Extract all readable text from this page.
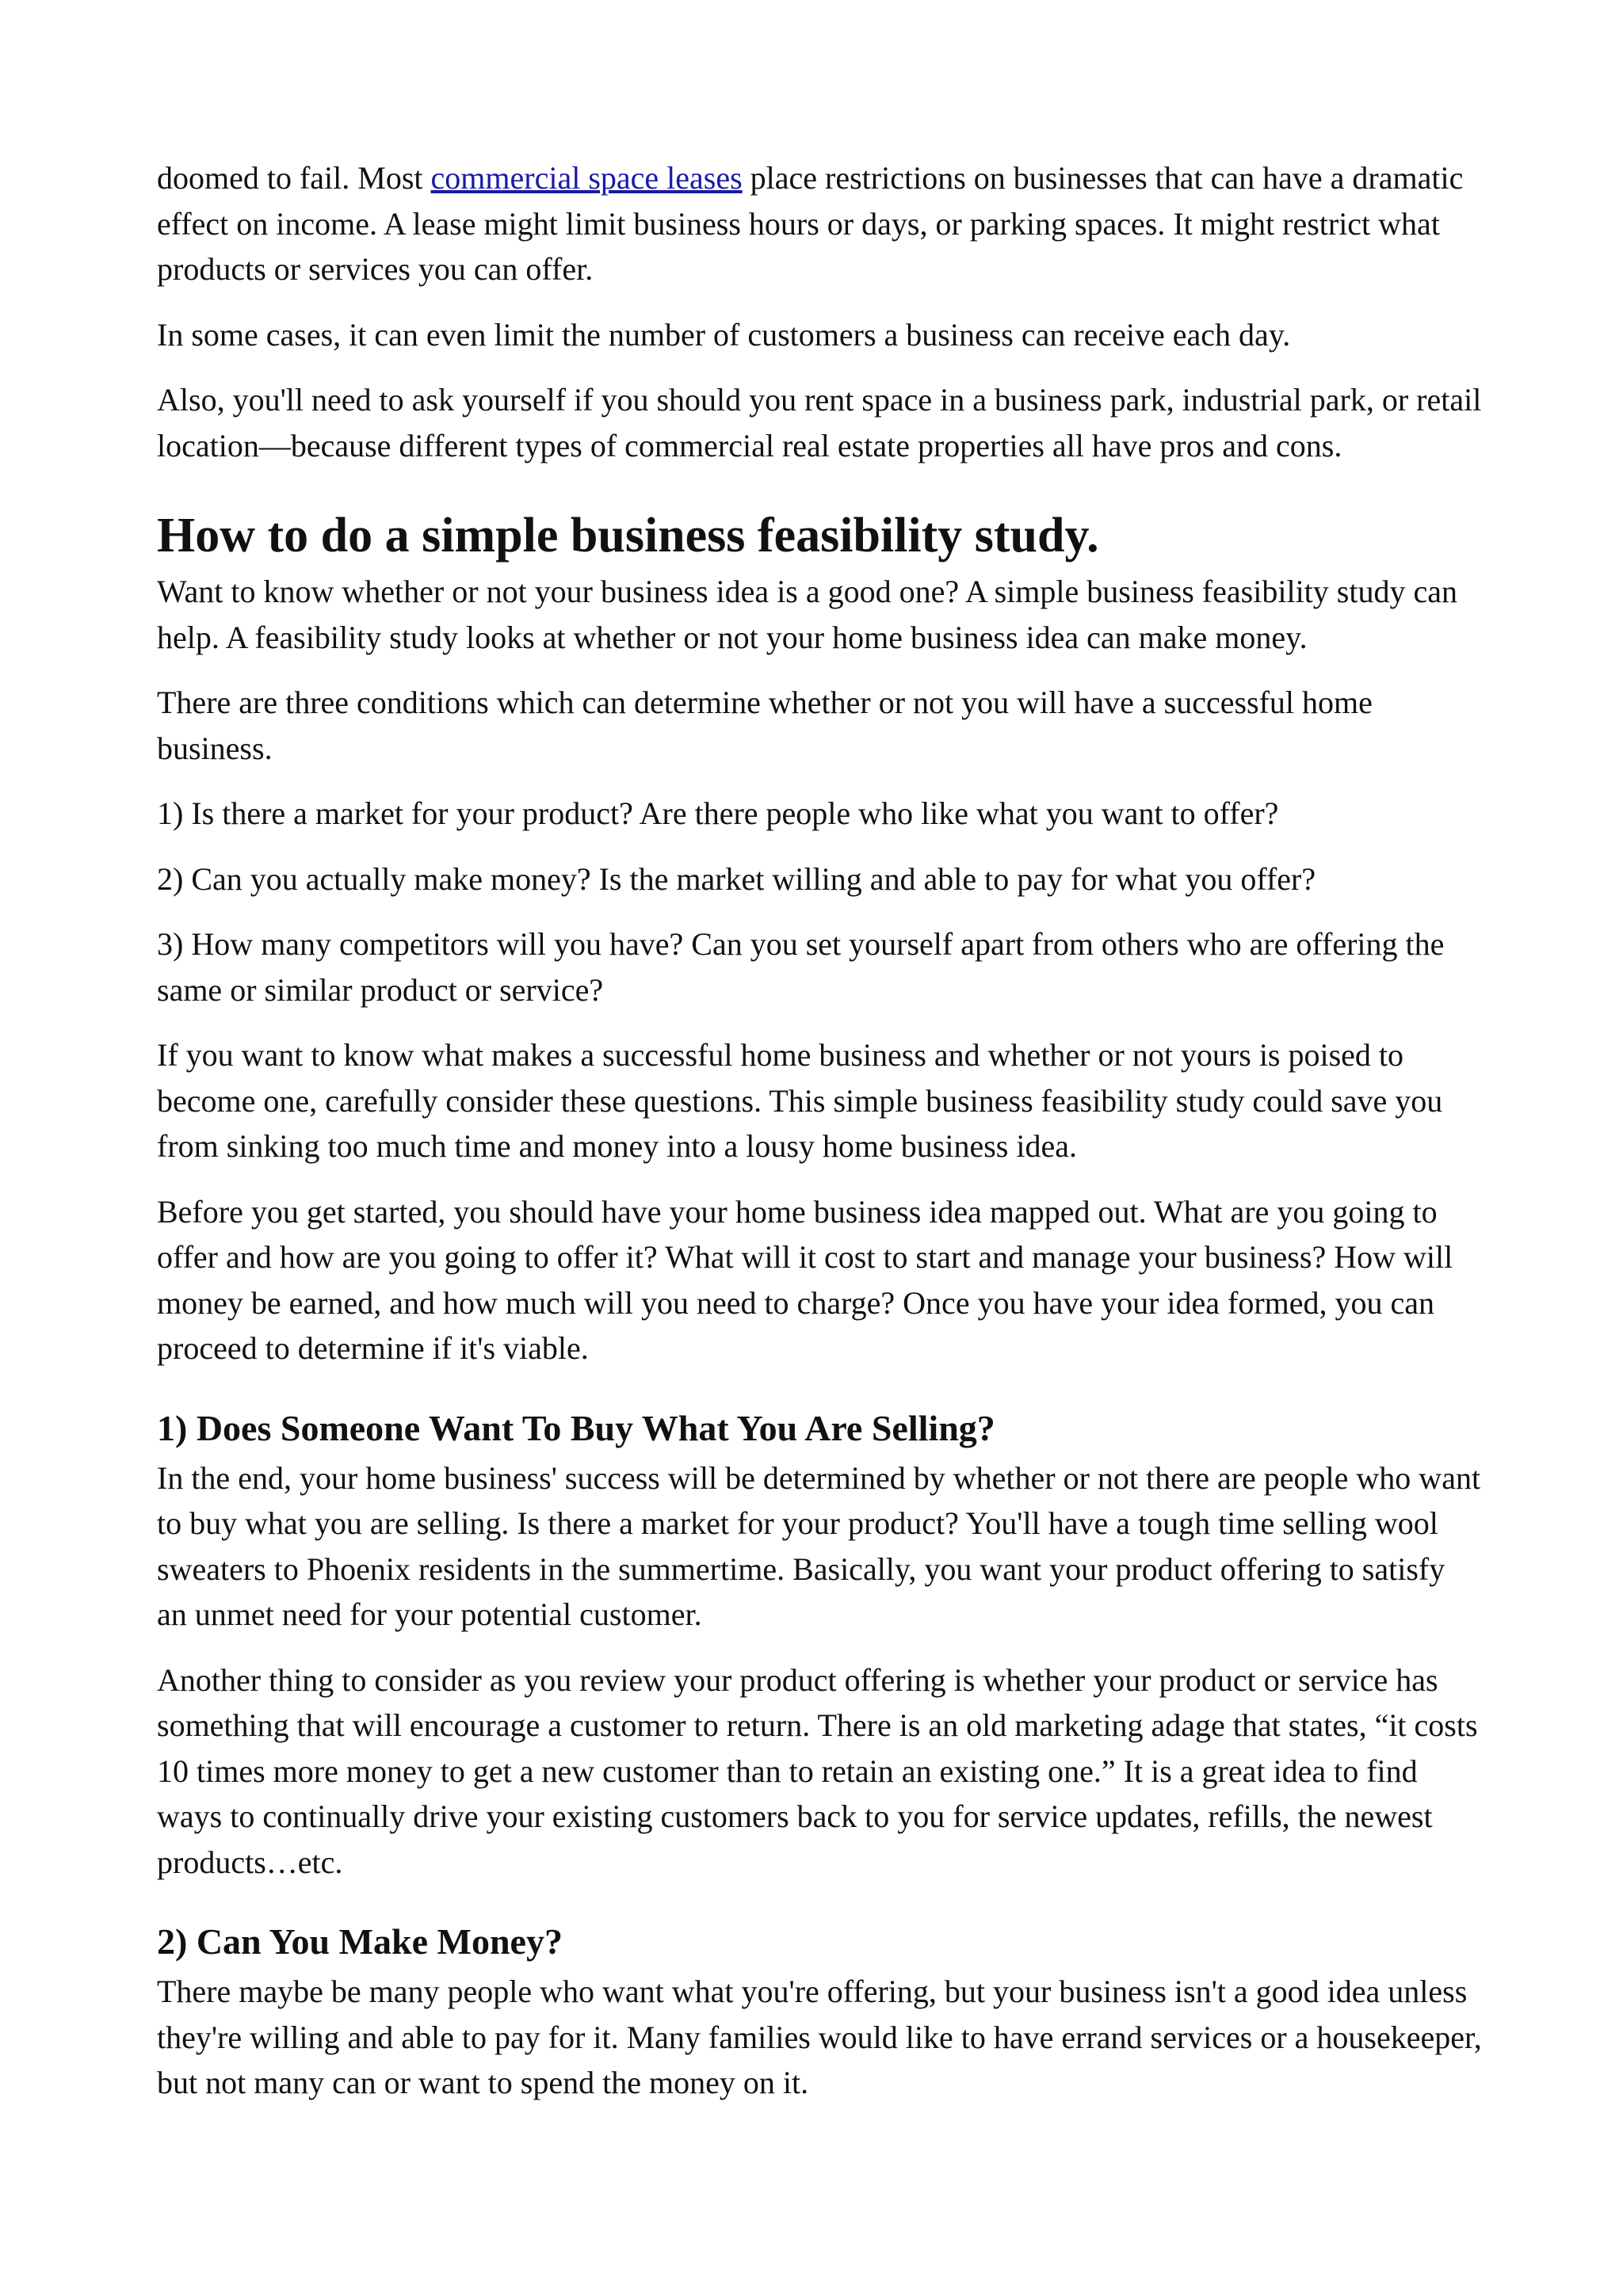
doomed to fail. Most commercial space leases place restrictions on businesses that can have a dramatic effect on income. A lease might limit business hours or days, or parking spaces. It might restrict what products or services you can offer.

In some cases, it can even limit the number of customers a business can receive each day.

Also, you'll need to ask yourself if you should you rent space in a business park, industrial park, or retail location—because different types of commercial real estate properties all have pros and cons.

How to do a simple business feasibility study.

Want to know whether or not your business idea is a good one? A simple business feasibility study can help. A feasibility study looks at whether or not your home business idea can make money.

There are three conditions which can determine whether or not you will have a successful home business.

1) Is there a market for your product? Are there people who like what you want to offer?

2) Can you actually make money? Is the market willing and able to pay for what you offer?

3) How many competitors will you have? Can you set yourself apart from others who are offering the same or similar product or service?

If you want to know what makes a successful home business and whether or not yours is poised to become one, carefully consider these questions. This simple business feasibility study could save you from sinking too much time and money into a lousy home business idea.

Before you get started, you should have your home business idea mapped out. What are you going to offer and how are you going to offer it? What will it cost to start and manage your business? How will money be earned, and how much will you need to charge? Once you have your idea formed, you can proceed to determine if it's viable.

1) Does Someone Want To Buy What You Are Selling?

In the end, your home business' success will be determined by whether or not there are people who want to buy what you are selling. Is there a market for your product? You'll have a tough time selling wool sweaters to Phoenix residents in the summertime. Basically, you want your product offering to satisfy an unmet need for your potential customer.

Another thing to consider as you review your product offering is whether your product or service has something that will encourage a customer to return. There is an old marketing adage that states, “it costs 10 times more money to get a new customer than to retain an existing one.” It is a great idea to find ways to continually drive your existing customers back to you for service updates, refills, the newest products…etc.

2) Can You Make Money?

There maybe be many people who want what you're offering, but your business isn't a good idea unless they're willing and able to pay for it. Many families would like to have errand services or a housekeeper, but not many can or want to spend the money on it.
